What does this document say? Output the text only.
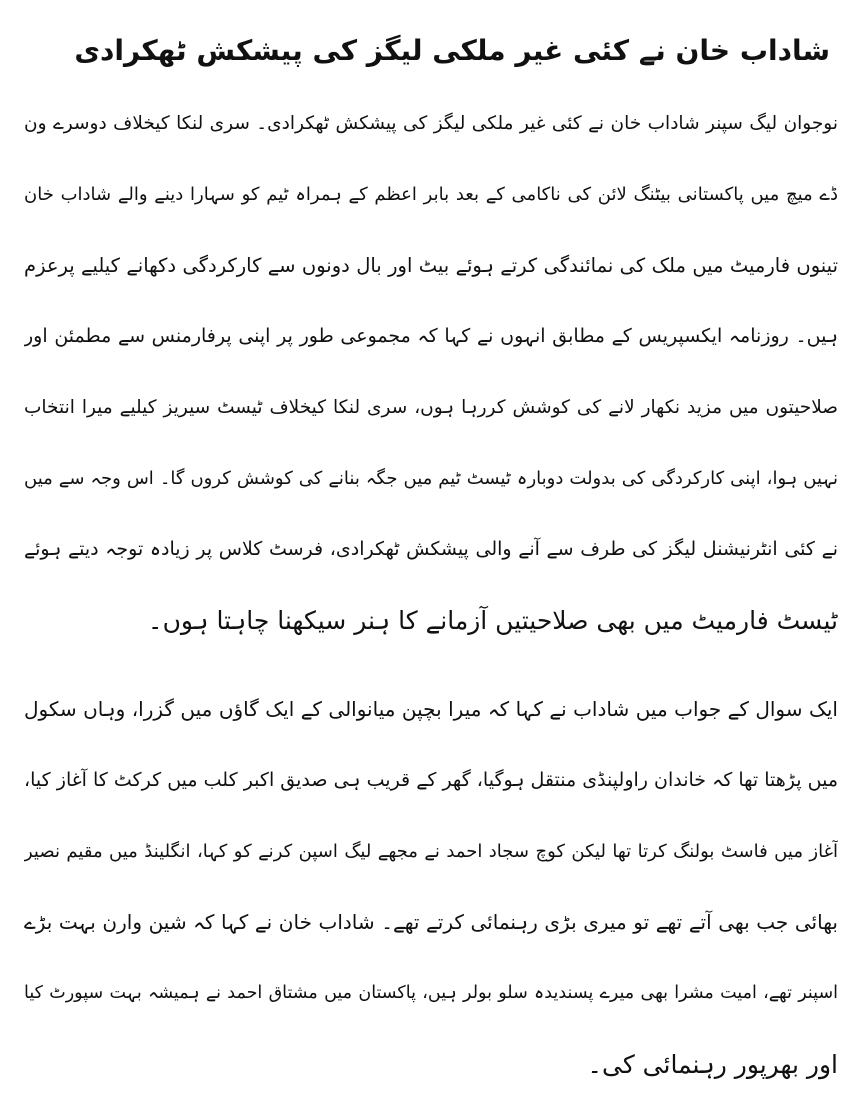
شاداب خان نے کئی غیر ملکی لیگز کی پیشکش ٹھکرادی
نوجوان لیگ سپنر شاداب خان نے کئی غیر ملکی لیگز کی پیشکش ٹھکرادی۔ سری لنکا کیخلاف دوسرے ون
ڈے میچ میں پاکستانی بیٹنگ لائن کی ناکامی کے بعد بابر اعظم کے ہمراہ ٹیم کو سہارا دینے والے شاداب خان
تینوں فارمیٹ میں ملک کی نمائندگی کرتے ہوئے بیٹ اور بال دونوں سے کارکردگی دکھانے کیلیے پرعزم
ہیں۔ روزنامہ ایکسپریس کے مطابق انہوں نے کہا کہ مجموعی طور پر اپنی پرفارمنس سے مطمئن اور
صلاحیتوں میں مزید نکھار لانے کی کوشش کررہا ہوں، سری لنکا کیخلاف ٹیسٹ سیریز کیلیے میرا انتخاب
نہیں ہوا، اپنی کارکردگی کی بدولت دوبارہ ٹیسٹ ٹیم میں جگہ بنانے کی کوشش کروں گا۔ اس وجہ سے میں
نے کئی انٹرنیشنل لیگز کی طرف سے آنے والی پیشکش ٹھکرادی، فرسٹ کلاس پر زیادہ توجہ دیتے ہوئے
ٹیسٹ فارمیٹ میں بھی صلاحیتیں آزمانے کا ہنر سیکھنا چاہتا ہوں۔
ایک سوال کے جواب میں شاداب نے کہا کہ میرا بچپن میانوالی کے ایک گاؤں میں گزرا، وہاں سکول
میں پڑھتا تھا کہ خاندان راولپنڈی منتقل ہوگیا، گھر کے قریب ہی صدیق اکبر کلب میں کرکٹ کا آغاز کیا،
آغاز میں فاسٹ بولنگ کرتا تھا لیکن کوچ سجاد احمد نے مجھے لیگ اسپن کرنے کو کہا، انگلینڈ میں مقیم نصیر
بھائی جب بھی آتے تھے تو میری بڑی رہنمائی کرتے تھے۔ شاداب خان نے کہا کہ شین وارن بہت بڑے
اسپنر تھے، امیت مشرا بھی میرے پسندیدہ سلو بولر ہیں، پاکستان میں مشتاق احمد نے ہمیشہ بہت سپورٹ کیا
اور بھرپور رہنمائی کی۔
